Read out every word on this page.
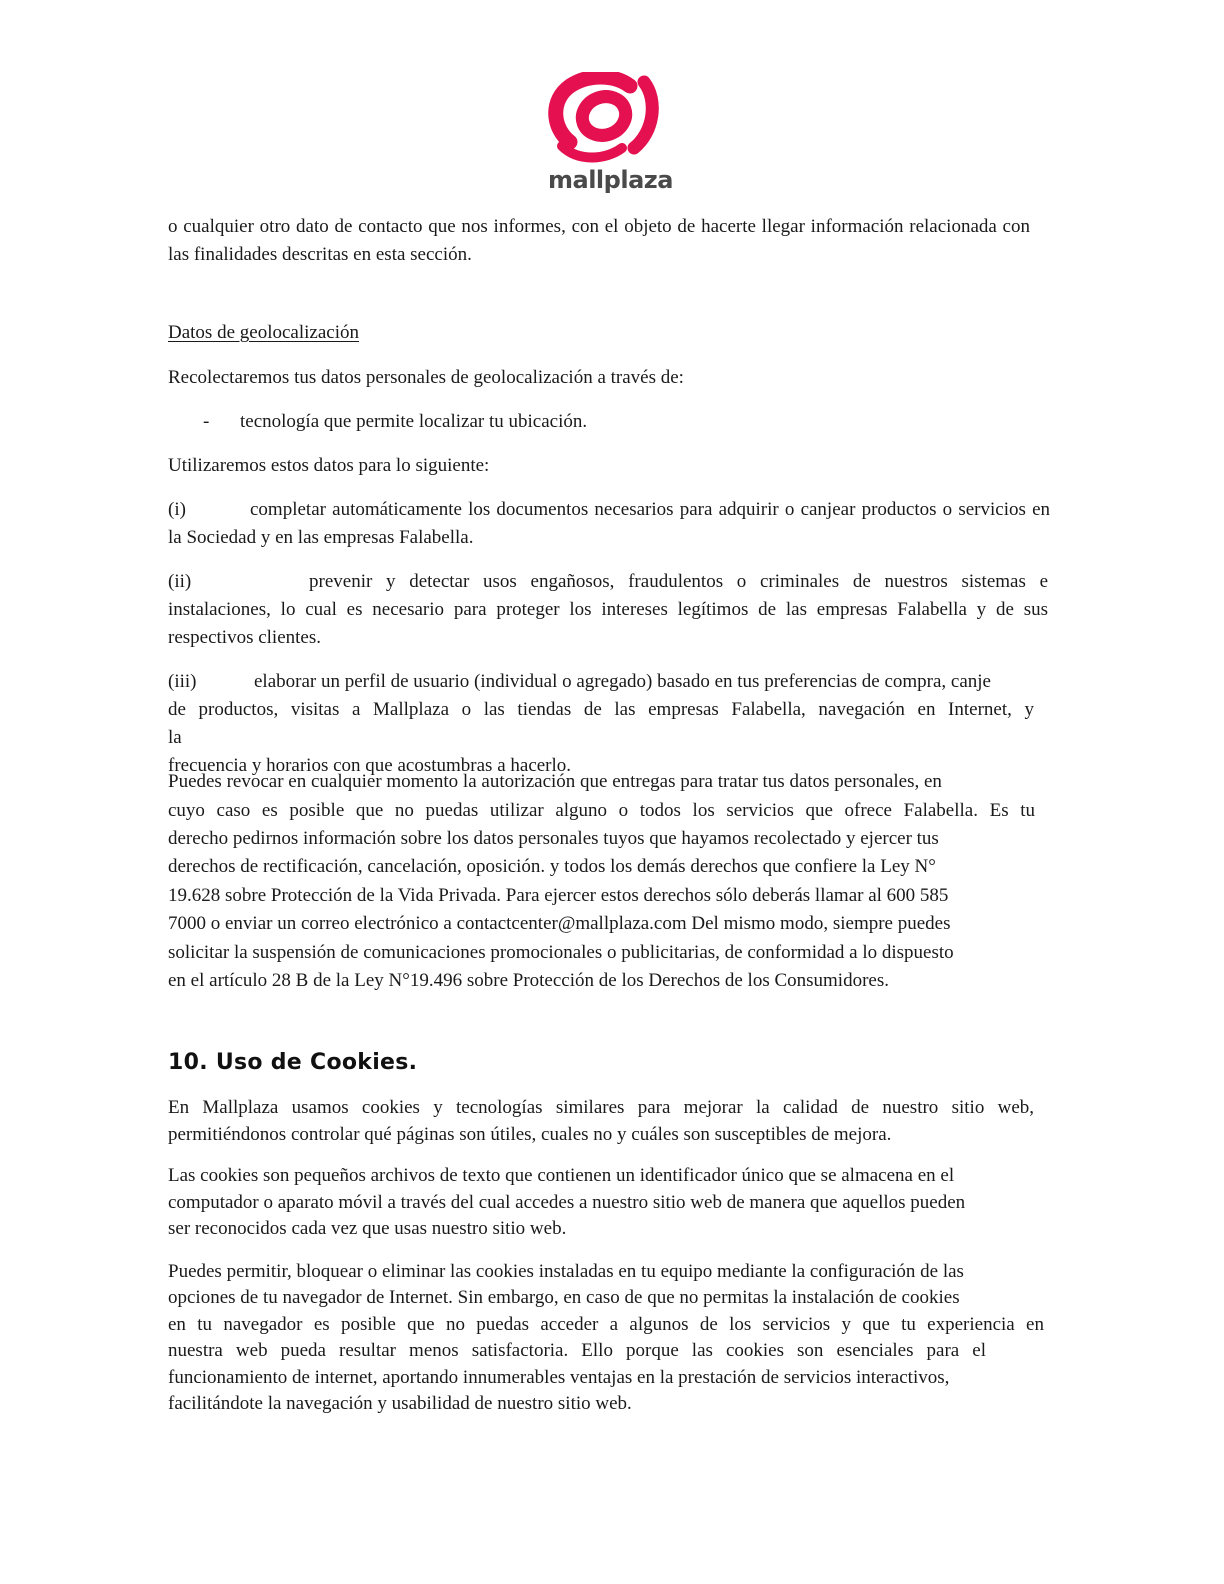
mallplaza

o cualquier otro dato de contacto que nos informes, con el objeto de hacerte llegar información relacionada con las finalidades descritas en esta sección.

Datos de geolocalización

Recolectaremos tus datos personales de geolocalización a través de:

- tecnología que permite localizar tu ubicación.

Utilizaremos estos datos para lo siguiente:

(i)	completar automáticamente los documentos necesarios para adquirir o canjear productos o servicios en la Sociedad y en las empresas Falabella.

(ii)	prevenir y detectar usos engañosos, fraudulentos o criminales de nuestros sistemas e instalaciones, lo cual es necesario para proteger los intereses legítimos de las empresas Falabella y de sus respectivos clientes.

(iii)	elaborar un perfil de usuario (individual o agregado) basado en tus preferencias de compra, canje

de productos, visitas a Mallplaza o las tiendas de las empresas Falabella, navegación en Internet, y

la

frecuencia y horarios con que acostumbras a hacerlo.

Puedes revocar en cualquier momento la autorización que entregas para tratar tus datos personales, en

cuyo caso es posible que no puedas utilizar alguno o todos los servicios que ofrece Falabella. Es tu

derecho pedirnos información sobre los datos personales tuyos que hayamos recolectado y ejercer tus

derechos de rectificación, cancelación, oposición. y todos los demás derechos que confiere la Ley N°

19.628 sobre Protección de la Vida Privada. Para ejercer estos derechos sólo deberás llamar al 600 585

7000 o enviar un correo electrónico a contactcenter@mallplaza.com Del mismo modo, siempre puedes

solicitar la suspensión de comunicaciones promocionales o publicitarias, de conformidad a lo dispuesto

en el artículo 28 B de la Ley N°19.496 sobre Protección de los Derechos de los Consumidores.

10. Uso de Cookies.

En Mallplaza usamos cookies y tecnologías similares para mejorar la calidad de nuestro sitio web, permitiéndonos controlar qué páginas son útiles, cuales no y cuáles son susceptibles de mejora.

Las cookies son pequeños archivos de texto que contienen un identificador único que se almacena en el

computador o aparato móvil a través del cual accedes a nuestro sitio web de manera que aquellos pueden

ser reconocidos cada vez que usas nuestro sitio web.

Puedes permitir, bloquear o eliminar las cookies instaladas en tu equipo mediante la configuración de las

opciones de tu navegador de Internet. Sin embargo, en caso de que no permitas la instalación de cookies

en tu navegador es posible que no puedas acceder a algunos de los servicios y que tu experiencia en

nuestra web pueda resultar menos satisfactoria. Ello porque las cookies son esenciales para el

funcionamiento de internet, aportando innumerables ventajas en la prestación de servicios interactivos,

facilitándote la navegación y usabilidad de nuestro sitio web.
